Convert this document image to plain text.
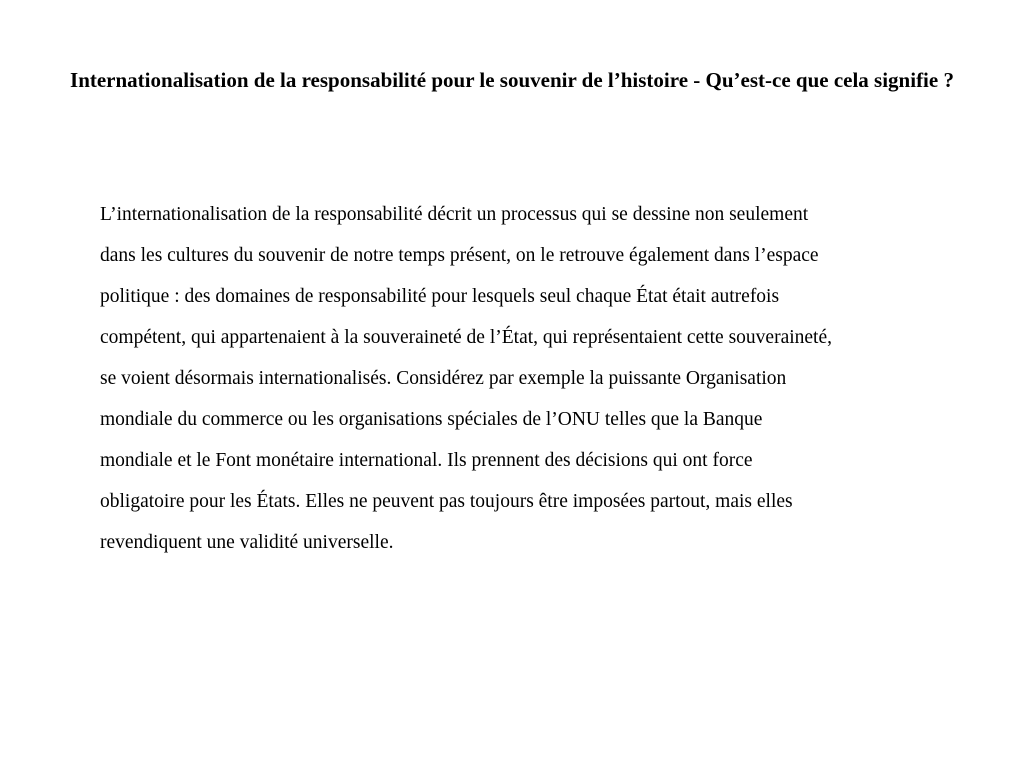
Internationalisation de la responsabilité pour le souvenir de l’histoire - Qu’est-ce que cela signifie ?
L’internationalisation de la responsabilité décrit un processus qui se dessine non seulement
dans les cultures du souvenir de notre temps présent, on le retrouve également dans l’espace
politique : des domaines de responsabilité pour lesquels seul chaque État était autrefois
compétent, qui appartenaient à la souveraineté de l’État, qui représentaient cette souveraineté,
se voient désormais internationalisés. Considérez par exemple la puissante Organisation
mondiale du commerce ou les organisations spéciales de l’ONU telles que la Banque
mondiale et le Font monétaire international. Ils prennent des décisions qui ont force
obligatoire pour les États. Elles ne peuvent pas toujours être imposées partout, mais elles
revendiquent une validité universelle.
